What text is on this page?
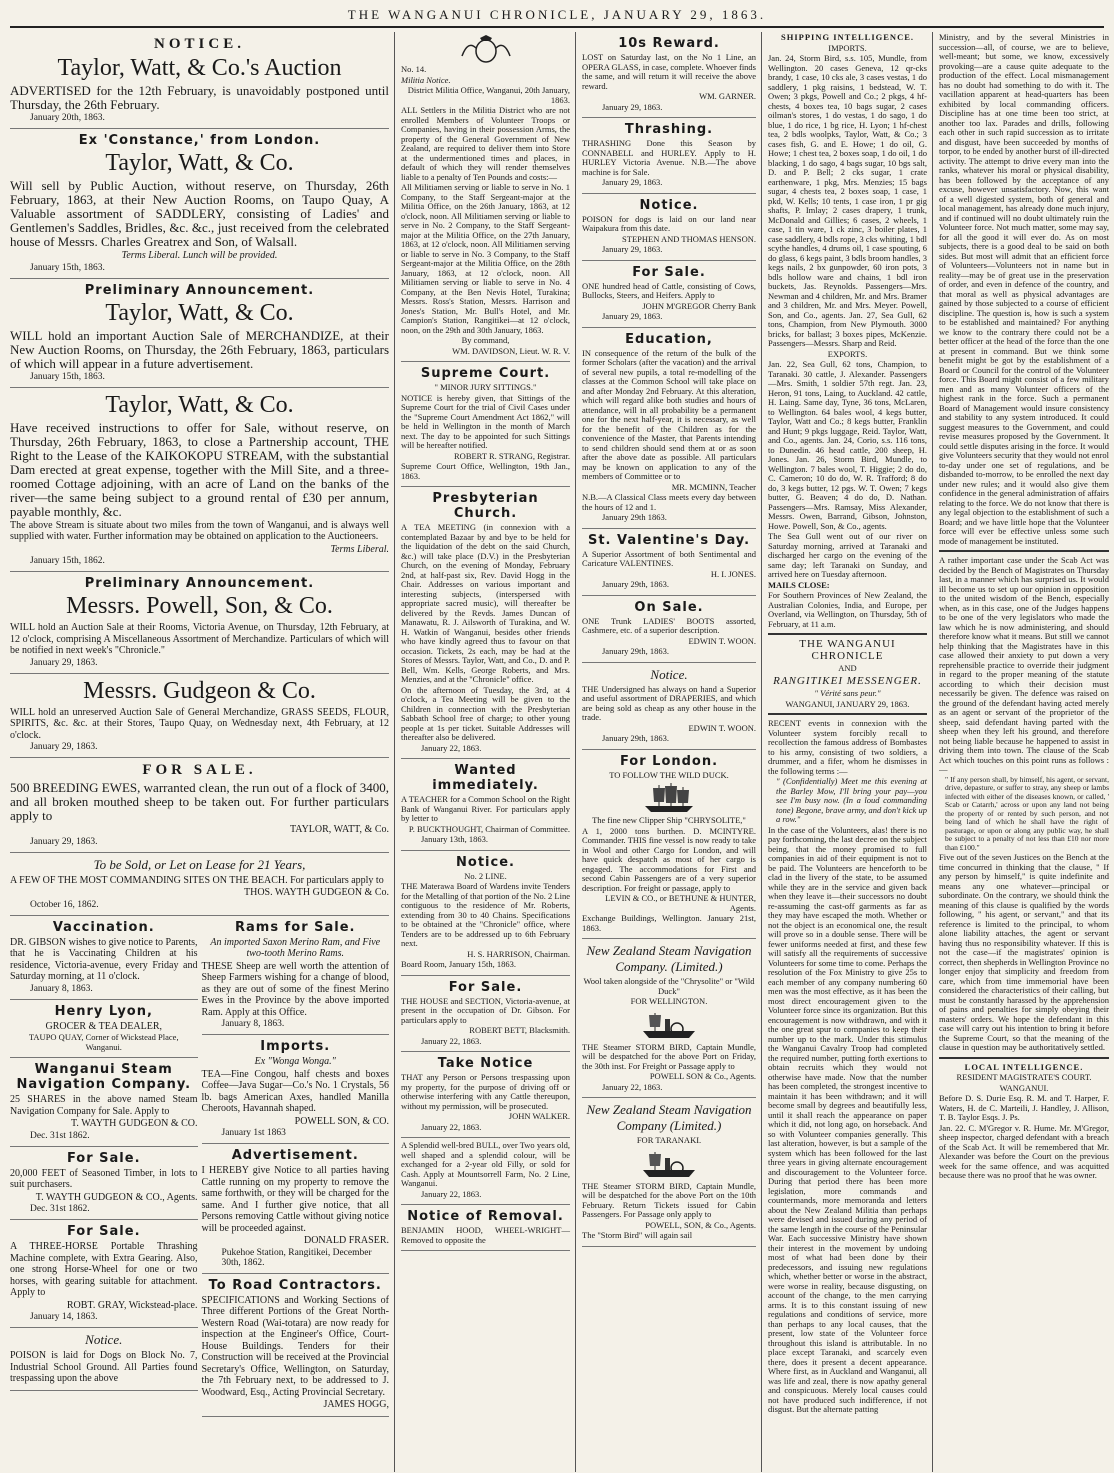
THE WANGANUI CHRONICLE, JANUARY 29, 1863.
NOTICE.
Taylor, Watt, & Co.'s Auction

ADVERTISED for the 12th February, is unavoidably postponed until Thursday, the 26th February.

January 20th, 1863.
Ex 'Constance,' from London.
Taylor, Watt, & Co.

Will sell by Public Auction, without reserve, on Thursday, 26th February, 1863, at their New Auction Rooms, on Taupo Quay, A Valuable assortment of SADDLERY, consisting of Ladies' and Gentlemen's Saddles, Bridles, &c. &c., just received from the celebrated house of Messrs. Charles Greatrex and Son, of Walsall.

Terms Liberal. Lunch will be provided.

January 15th, 1863.
Preliminary Announcement.
Taylor, Watt, & Co.

WILL hold an important Auction Sale of MERCHANDIZE, at their New Auction Rooms, on Thursday, the 26th February, 1863, particulars of which will appear in a future advertisement.

January 15th, 1863.
Taylor, Watt, & Co.

Have received instructions to offer for Sale, without reserve, on Thursday, 26th February, 1863, to close a Partnership account, THE Right to the Lease of the KAIKOKOPU STREAM, with the substantial Dam erected at great expense, together with the Mill Site, and a three-roomed Cottage adjoining, with an acre of Land on the banks of the river—the same being subject to a ground rental of £30 per annum, payable monthly, &c.

The above Stream is situate about two miles from the town of Wanganui, and is always well supplied with water. Further information may be obtained on application to the Auctioneers.

Terms Liberal.

January 15th, 1862.
Preliminary Announcement.
Messrs. Powell, Son, & Co.

WILL hold an Auction Sale at their Rooms, Victoria Avenue, on Thursday, 12th February, at 12 o'clock, comprising A Miscellaneous Assortment of Merchandize. Particulars of which will be notified in next week's "Chronicle."

January 29, 1863.
Messrs. Gudgeon & Co.

WILL hold an unreserved Auction Sale of General Merchandize, GRASS SEEDS, FLOUR, SPIRITS, &c. &c. at their Stores, Taupo Quay, on Wednesday next, 4th February, at 12 o'clock.

January 29, 1863.
FOR SALE.

500 BREEDING EWES, warranted clean, the run out of a flock of 3400, and all broken mouthed sheep to be taken out. For further particulars apply to

TAYLOR, WATT, & Co.

January 29, 1863.
To be Sold, or Let on Lease for 21 Years,

A FEW OF THE MOST COMMANDING SITES ON THE BEACH. For particulars apply to

THOS. WAYTH GUDGEON & Co.

October 16, 1862.
Vaccination.

DR. GIBSON wishes to give notice to Parents, that he is Vaccinating Children at his residence, Victoria-avenue, every Friday and Saturday morning, at 11 o'clock.

January 8, 1863.
Henry Lyon,

GROCER & TEA DEALER,

TAUPO QUAY, Corner of Wickstead Place, Wanganui.

Wanganui Steam Navigation Company.

25 SHARES in the above named Steam Navigation Company for Sale. Apply to

T. WAYTH GUDGEON & CO.

Dec. 31st 1862.
For Sale.

20,000 FEET of Seasoned Timber, in lots to suit purchasers.

T. WAYTH GUDGEON & CO., Agents.

Dec. 31st 1862.
For Sale.

A THREE-HORSE Portable Thrashing Machine complete, with Extra Gearing. Also, one strong Horse-Wheel for one or two horses, with gearing suitable for attachment. Apply to

ROBT. GRAY, Wickstead-place.

January 14, 1863.
Notice.

POISON is laid for Dogs on Block No. 7, Industrial School Ground. All Parties found trespassing upon the above

Rams for Sale.

An imported Saxon Merino Ram, and Five two-tooth Merino Rams.

THESE Sheep are well worth the attention of Sheep Farmers wishing for a change of blood, as they are out of some of the finest Merino Ewes in the Province by the above imported Ram. Apply at this Office.

January 8, 1863.
Imports.

Ex "Wonga Wonga."

TEA—Fine Congou, half chests and boxes Coffee—Java Sugar—Co.'s No. 1 Crystals, 56 lb. bags American Axes, handled Manilla Cheroots, Havannah shaped.

POWELL SON, & CO.

January 1st 1863
Advertisement.

I HEREBY give Notice to all parties having Cattle running on my property to remove the same forthwith, or they will be charged for the same. And I further give notice, that all Persons removing Cattle without giving notice will be proceeded against.

DONALD FRASER.

Pukehoe Station, Rangitikei, December 30th, 1862.
To Road Contractors.

SPECIFICATIONS and Working Sections of Three different Portions of the Great North-Western Road (Wai-totara) are now ready for inspection at the Engineer's Office, Court-House Buildings. Tenders for their Construction will be received at the Provincial Secretary's Office, Wellington, on Saturday, the 7th February next, to be addressed to J. Woodward, Esq., Acting Provincial Secretary.

JAMES HOGG,

No. 14.

Militia Notice.

District Militia Office, Wanganui, 20th January, 1863.

ALL Settlers in the Militia District who are not enrolled Members of Volunteer Troops or Companies, having in their possession Arms, the property of the General Government of New Zealand, are required to deliver them into Store at the undermentioned times and places, in default of which they will render themselves liable to a penalty of Ten Pounds and costs:—

All Militiamen serving or liable to serve in No. 1 Company, to the Staff Sergeant-major at the Militia Office, on the 26th January, 1863, at 12 o'clock, noon. All Militiamen serving or liable to serve in No. 2 Company, to the Staff Sergeant-major at the Militia Office, on the 27th January, 1863, at 12 o'clock, noon. All Militiamen serving or liable to serve in No. 3 Company, to the Staff Sergeant-major at the Militia Office, on the 28th January, 1863, at 12 o'clock, noon. All Militiamen serving or liable to serve in No. 4 Company, at the Ben Nevis Hotel, Turakina; Messrs. Ross's Station, Messrs. Harrison and Jones's Station, Mr. Bull's Hotel, and Mr. Campion's Station, Rangitikei—at 12 o'clock, noon, on the 29th and 30th January, 1863.

By command,

WM. DAVIDSON, Lieut. W. R. V.

Supreme Court.

" MINOR JURY SITTINGS."

NOTICE is hereby given, that Sittings of the Supreme Court for the trial of Civil Cases under the "Supreme Court Amendment Act 1862," will be held in Wellington in the month of March next. The day to be appointed for such Sittings will be hereafter notified.

ROBERT R. STRANG, Registrar.

Supreme Court Office, Wellington, 19th Jan., 1863.

Presbyterian Church.

A TEA MEETING (in connexion with a contemplated Bazaar by and bye to be held for the liquidation of the debt on the said Church, &c.) will take place (D.V.) in the Presbyterian Church, on the evening of Monday, February 2nd, at half-past six, Rev. David Hogg in the Chair. Addresses on various important and interesting subjects, (interspersed with appropriate sacred music), will thereafter be delivered by the Revds. James Duncan of Manawatu, R. J. Ailsworth of Turakina, and W. H. Watkin of Wanganui, besides other friends who have kindly agreed thus to favour on that occasion. Tickets, 2s each, may be had at the Stores of Messrs. Taylor, Watt, and Co., D. and P. Bell, Wm. Kells, George Roberts, and Mrs. Menzies, and at the "Chronicle" office.

On the afternoon of Tuesday, the 3rd, at 4 o'clock, a Tea Meeting will be given to the Children in connection with the Presbyterian Sabbath School free of charge; to other young people at 1s per ticket. Suitable Addresses will thereafter also be delivered.

January 22, 1863.
Wanted immediately.

A TEACHER for a Common School on the Right Bank of Wanganui River. For particulars apply by letter to

P. BUCKTHOUGHT, Chairman of Committee.

January 13th, 1863.
Notice.

No. 2 LINE.

THE Materawa Board of Wardens invite Tenders for the Metalling of that portion of the No. 2 Line contiguous to the residence of Mr. Roberts, extending from 30 to 40 Chains. Specifications to be obtained at the "Chronicle" office, where Tenders are to be addressed up to 6th February next.

H. S. HARRISON, Chairman.

Board Room, January 15th, 1863.

For Sale.

THE HOUSE and SECTION, Victoria-avenue, at present in the occupation of Dr. Gibson. For particulars apply to

ROBERT BETT, Blacksmith.

January 22, 1863.
Take Notice

THAT any Person or Persons trespassing upon my property, for the purpose of driving off or otherwise interfering with any Cattle thereupon, without my permission, will be prosecuted.

JOHN WALKER.

January 22, 1863.

A Splendid well-bred BULL, over Two years old, well shaped and a splendid colour, will be exchanged for a 2-year old Filly, or sold for Cash. Apply at Mountsorrell Farm, No. 2 Line, Wanganui.

January 22, 1863.
Notice of Removal.

BENJAMIN HOOD, WHEEL-WRIGHT—Removed to opposite the

10s Reward.

LOST on Saturday last, on the No 1 Line, an OPERA GLASS, in case, complete. Whoever finds the same, and will return it will receive the above reward.

WM. GARNER.

January 29, 1863.
Thrashing.

THRASHING Done this Season by CONNABELL and HURLEY. Apply to H. HURLEY Victoria Avenue. N.B.—The above machine is for Sale.

January 29, 1863.
Notice.

POISON for dogs is laid on our land near Waipakura from this date.

STEPHEN AND THOMAS HENSON.

January 29, 1863.
For Sale.

ONE hundred head of Cattle, consisting of Cows, Bullocks, Steers, and Heifers. Apply to

JOHN M'GREGOR Cherry Bank

January 29, 1863.
Education,

IN consequence of the return of the bulk of the former Scholars (after the vacation) and the arrival of several new pupils, a total re-modelling of the classes at the Common School will take place on and after Monday 2nd February. At this alteration, which will regard alike both studies and hours of attendance, will in all probability be a permanent one for the next half-year, it is necessary, as well for the benefit of the Children as for the convenience of the Master, that Parents intending to send children should send them at or as soon after the above date as possible. All particulars may be known on application to any of the members of Committee or to

MR. MCMINN, Teacher

N.B.—A Classical Class meets every day between the hours of 12 and 1.

January 29th 1863.
St. Valentine's Day.

A Superior Assortment of both Sentimental and Caricature VALENTINES.

H. I. JONES.

January 29th, 1863.
On Sale.

ONE Trunk LADIES' BOOTS assorted, Cashmere, etc. of a superior description.

EDWIN T. WOON.

January 29th, 1863.
Notice.

THE Undersigned has always on hand a Superior and useful assortment of DRAPERIES, and which are being sold as cheap as any other house in the trade.

EDWIN T. WOON.

January 29th, 1863.
For London.

TO FOLLOW THE WILD DUCK.

The fine new Clipper Ship "CHRYSOLITE,"

A 1, 2000 tons burthen. D. MCINTYRE. Commander. THIS fine vessel is now ready to take in Wool and other Cargo for London, and will have quick despatch as most of her cargo is engaged. The accommodations for First and second Cabin Passengers are of a very superior description. For freight or passage, apply to

LEVIN & CO., or BETHUNE & HUNTER, Agents.

Exchange Buildings, Wellington. January 21st, 1863.

New Zealand Steam Navigation Company. (Limited.)

Wool taken alongside of the "Chrysolite" or "Wild Duck"

FOR WELLINGTON.

THE Steamer STORM BIRD, Captain Mundle, will be despatched for the above Port on Friday, the 30th inst. For Freight or Passage apply to

POWELL SON & Co., Agents.

January 22, 1863.
New Zealand Steam Navigation Company (Limited.)

FOR TARANAKI.

THE Steamer STORM BIRD, Captain Mundle, will be despatched for the above Port on the 10th February. Return Tickets issued for Cabin Passengers. For Passage only apply to

POWELL, SON, & Co., Agents.

The "Storm Bird" will again sail

SHIPPING INTELLIGENCE.

IMPORTS.

Jan. 24, Storm Bird, s.s. 105, Mundle, from Wellington. 20 cases Geneva, 12 qr-cks brandy, 1 case, 10 cks ale, 3 cases vestas, 1 do saddlery, 1 pkg raisins, 1 bedstead, W. T. Owen; 3 pkgs, Powell and Co.; 2 pkgs, 4 hf-chests, 4 boxes tea, 10 bags sugar, 2 cases oilman's stores, 1 do vestas, 1 do sago, 1 do blue, 1 do rice, 1 bg rice, H. Lyon; 1 hf-chest tea, 2 bdls woolpks, Taylor, Watt, & Co.; 3 cases fish, G. and E. Howe; 1 do oil, G. Howe; 1 chest tea, 2 boxes soap, 1 do oil, 1 do blacking, 1 do sago, 4 bags sugar, 10 bgs salt, D. and P. Bell; 2 cks sugar, 1 crate earthenware, 1 pkg, Mrs. Menzies; 15 bags sugar, 4 chests tea, 2 boxes soap, 1 case, 1 pkd, W. Kells; 10 tents, 1 case iron, 1 pr gig shafts, P. Imlay; 2 cases drapery, 1 trunk, McDonald and Gillies; 6 cases, 2 wheels, 1 case, 1 tin ware, 1 ck zinc, 3 boiler plates, 1 case saddlery, 4 bdls rope, 3 cks whiting, 1 bdl scythe handles, 4 drums oil, 1 case spouting, 6 do glass, 6 kegs paint, 3 bdls broom handles, 3 kegs nails, 2 bx gunpowder, 60 iron pots, 3 bdls hollow ware and chains, 1 bdl iron buckets, Jas. Reynolds. Passengers—Mrs. Newman and 4 children, Mr. and Mrs. Bramer and 3 children, Mr. and Mrs. Meyer. Powell, Son, and Co., agents. Jan. 27, Sea Gull, 62 tons, Champion, from New Plymouth. 3000 bricks, for ballast; 3 boxes pipes, McKenzie. Passengers—Messrs. Sharp and Reid.

EXPORTS.

Jan. 22, Sea Gull, 62 tons, Champion, to Taranaki. 30 cattle, J. Alexander. Passengers—Mrs. Smith, 1 soldier 57th regt. Jan. 23, Heron, 91 tons, Laing, to Auckland. 42 cattle, H. Laing. Same day, Tyne, 36 tons, McLaren, to Wellington. 64 bales wool, 4 kegs butter, Taylor, Watt and Co.; 8 kegs butter, Franklin and Hunt; 9 pkgs luggage, Reid. Taylor, Watt, and Co., agents. Jan. 24, Corio, s.s. 116 tons, to Dunedin. 46 head cattle, 200 sheep, H. Jones. Jan. 26, Storm Bird, Mundle, to Wellington. 7 bales wool, T. Higgie; 2 do do, C. Cameron; 10 do do, W. R. Trafford; 8 do do, 3 kegs butter, 12 pgs. W. T. Owen; 7 kegs butter, G. Beaven; 4 do do, D. Nathan. Passengers—Mrs. Ramsay, Miss Alexander, Messrs. Owen, Barrand, Gibson, Johnston, Howe. Powell, Son, & Co., agents.

The Sea Gull went out of our river on Saturday morning, arrived at Taranaki and discharged her cargo on the evening of the same day; left Taranaki on Sunday, and arrived here on Tuesday afternoon.

MAILS CLOSE:

For Southern Provinces of New Zealand, the Australian Colonies, India, and Europe, per Overland, via Wellington, on Thursday, 5th of February, at 11 a.m.

THE WANGANUI CHRONICLE

AND

RANGITIKEI MESSENGER.

" Vérité sans peur."

WANGANUI, JANUARY 29, 1863.

RECENT events in connexion with the Volunteer system forcibly recall to recollection the famous address of Bombastes to his army, consisting of two soldiers, a drummer, and a fifer, whom he dismisses in the following terms :—

" (Confidentially) Meet me this evening at the Barley Mow, I'll bring your pay—you see I'm busy now. (In a loud commanding tone) Begone, brave army, and don't kick up a row."

In the case of the Volunteers, alas! there is no pay forthcoming, the last decree on the subject being, that the money promised to full companies in aid of their equipment is not to be paid. The Volunteers are henceforth to be clad in the livery of the state, to be assumed while they are in the service and given back when they leave it—their successors no doubt re-assuming the cast-off garments as far as they may have escaped the moth. Whether or not the object is an economical one, the result will prove so in a double sense. There will be fewer uniforms needed at first, and these few will satisfy all the requirements of successive Volunteers for some time to come. Perhaps the resolution of the Fox Ministry to give 25s to each member of any company numbering 60 men was the most effective, as it has been the most direct encouragement given to the Volunteer force since its organization. But this encouragement is now withdrawn, and with it the one great spur to companies to keep their number up to the mark. Under this stimulus the Wanganui Cavalry Troop had completed the required number, putting forth exertions to obtain recruits which they would not otherwise have made. Now that the number has been completed, the strongest incentive to maintain it has been withdrawn; and it will become small by degrees and beautifully less, until it shall reach the appearance on paper which it did, not long ago, on horseback. And so with Volunteer companies generally. This last alteration, however, is but a sample of the system which has been followed for the last three years in giving alternate encouragement and discouragement to the Volunteer force. During that period there has been more legislation, more commands and countermands, more memoranda and letters about the New Zealand Militia than perhaps were devised and issued during any period of the same length in the course of the Peninsular War. Each successive Ministry have shown their interest in the movement by undoing most of what had been done by their predecessors, and issuing new regulations which, whether better or worse in the abstract, were worse in reality, because disgusting, on account of the change, to the men carrying arms. It is to this constant issuing of new regulations and conditions of service, more than perhaps to any local causes, that the present, low state of the Volunteer force throughout this island is attributable. In no place except Taranaki, and scarcely even there, does it present a decent appearance. Where first, as in Auckland and Wanganui, all was life and zeal, there is now apathy general and conspicuous. Merely local causes could not have produced such indifference, if not disgust. But the alternate patting

Ministry, and by the several Ministries in succession—all, of course, we are to believe, well-meant; but some, we know, excessively provoking—are a cause quite adequate to the production of the effect. Local mismanagement has no doubt had something to do with it. The vacillation apparent at head-quarters has been exhibited by local commanding officers. Discipline has at one time been too strict, at another too lax. Parades and drills, following each other in such rapid succession as to irritate and disgust, have been succeeded by months of torpor, to be ended by another burst of ill-directed activity. The attempt to drive every man into the ranks, whatever his moral or physical disability, has been followed by the acceptance of any excuse, however unsatisfactory. Now, this want of a well digested system, both of general and local management, has already done much injury, and if continued will no doubt ultimately ruin the Volunteer force. Not much matter, some may say, for all the good it will ever do. As on most subjects, there is a good deal to be said on both sides. But most will admit that an efficient force of Volunteers—Volunteers not in name but in reality—may be of great use in the preservation of order, and even in defence of the country, and that moral as well as physical advantages are gained by those subjected to a course of efficient discipline. The question is, how is such a system to be established and maintained? For anything we know to the contrary there could not be a better officer at the head of the force than the one at present in command. But we think some benefit might be got by the establishment of a Board or Council for the control of the Volunteer force. This Board might consist of a few military men and as many Volunteer officers of the highest rank in the force. Such a permanent Board of Management would insure consistency and stability to any system introduced. It could suggest measures to the Government, and could revise measures proposed by the Government. It could settle disputes arising in the force. It would give Volunteers security that they would not enrol to-day under one set of regulations, and be disbanded to-morrow, to be enrolled the next day under new rules; and it would also give them confidence in the general administration of affairs relating to the force. We do not know that there is any legal objection to the establishment of such a Board; and we have little hope that the Volunteer force will ever be effective unless some such mode of management be instituted.

A rather important case under the Scab Act was decided by the Bench of Magistrates on Thursday last, in a manner which has surprised us. It would ill become us to set up our opinion in opposition to the united wisdom of the Bench, especially when, as in this case, one of the Judges happens to be one of the very legislators who made the law which he is now administering, and should therefore know what it means. But still we cannot help thinking that the Magistrates have in this case allowed their anxiety to put down a very reprehensible practice to override their judgment in regard to the proper meaning of the statute according to which their decision must necessarily be given. The defence was raised on the ground of the defendant having acted merely as an agent or servant of the proprietor of the sheep, said defendant having parted with the sheep when they left his ground, and therefore not being liable because he happened to assist in driving them into town. The clause of the Scab Act which touches on this point runs as follows :—

" If any person shall, by himself, his agent, or servant, drive, depasture, or suffer to stray, any sheep or lambs infected with either of the diseases known, or called, ' Scab or Catarrh,' across or upon any land not being the property of or rented by such person, and not being land of which he shall have the right of pasturage, or upon or along any public way, he shall be subject to a penalty of not less than £10 nor more than £100."

Five out of the seven Justices on the Bench at the time concurred in thinking that the clause, " If any person by himself," is quite indefinite and means any one whatever—principal or subordinate. On the contrary, we should think the meaning of this clause is qualified by the words following, " his agent, or servant," and that its reference is limited to the principal, to whom alone liability attaches, the agent or servant having thus no responsibility whatever. If this is not the case—if the magistrates' opinion is correct, then shepherds in Wellington Province no longer enjoy that simplicity and freedom from care, which from time immemorial have been considered the characteristics of their calling, but must be constantly harassed by the apprehension of pains and penalties for simply obeying their masters' orders. We hope the defendant in this case will carry out his intention to bring it before the Supreme Court, so that the meaning of the clause in question may be authoritatively settled.

LOCAL INTELLIGENCE.

RESIDENT MAGISTRATE'S COURT.

WANGANUI.

Before D. S. Durie Esq. R. M. and T. Harper, F. Waters, H. de C. Marteili, J. Handley, J. Allison, T. B. Taylor Esqs. J. Ps.

Jan. 22. C. M'Gregor v. R. Hume. Mr. M'Gregor, sheep inspector, charged defendant with a breach of the Scab Act. It will be remembered that Mr. Alexander was before the Court on the previous week for the same offence, and was acquitted because there was no proof that he was owner.
